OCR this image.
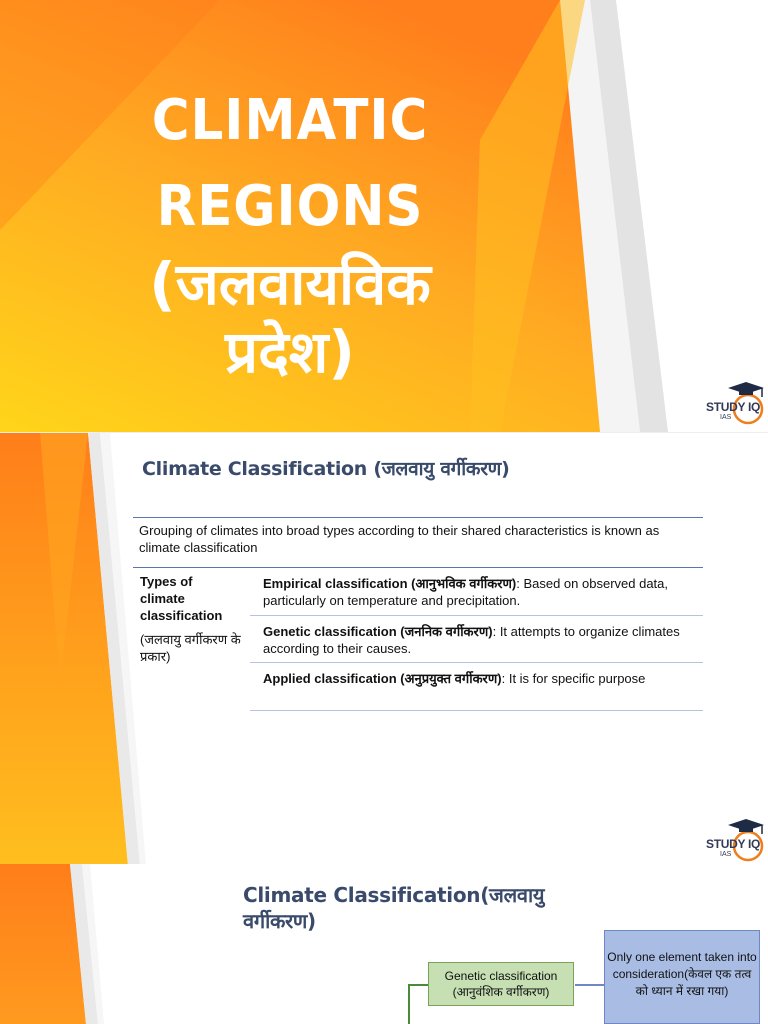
CLIMATIC
REGIONS
(जलवायविक
प्रदेश)
STUDY IQ
IAS
Climate Classification (जलवायु वर्गीकरण)
Grouping of climates into broad types according to their shared characteristics is known as climate classification
Types of climate classification
(जलवायु वर्गीकरण के प्रकार)
Empirical classification (आनुभविक वर्गीकरण): Based on observed data, particularly on temperature and precipitation.
Genetic classification (जननिक वर्गीकरण): It attempts to organize climates according to their causes.
Applied classification (अनुप्रयुक्त वर्गीकरण): It is for specific purpose
STUDY IQ
IAS
Climate Classification(जलवायु
वर्गीकरण)
Genetic classification
(आनुवंशिक वर्गीकरण)
Only one element taken into consideration(केवल एक तत्व को ध्यान में रखा गया)
